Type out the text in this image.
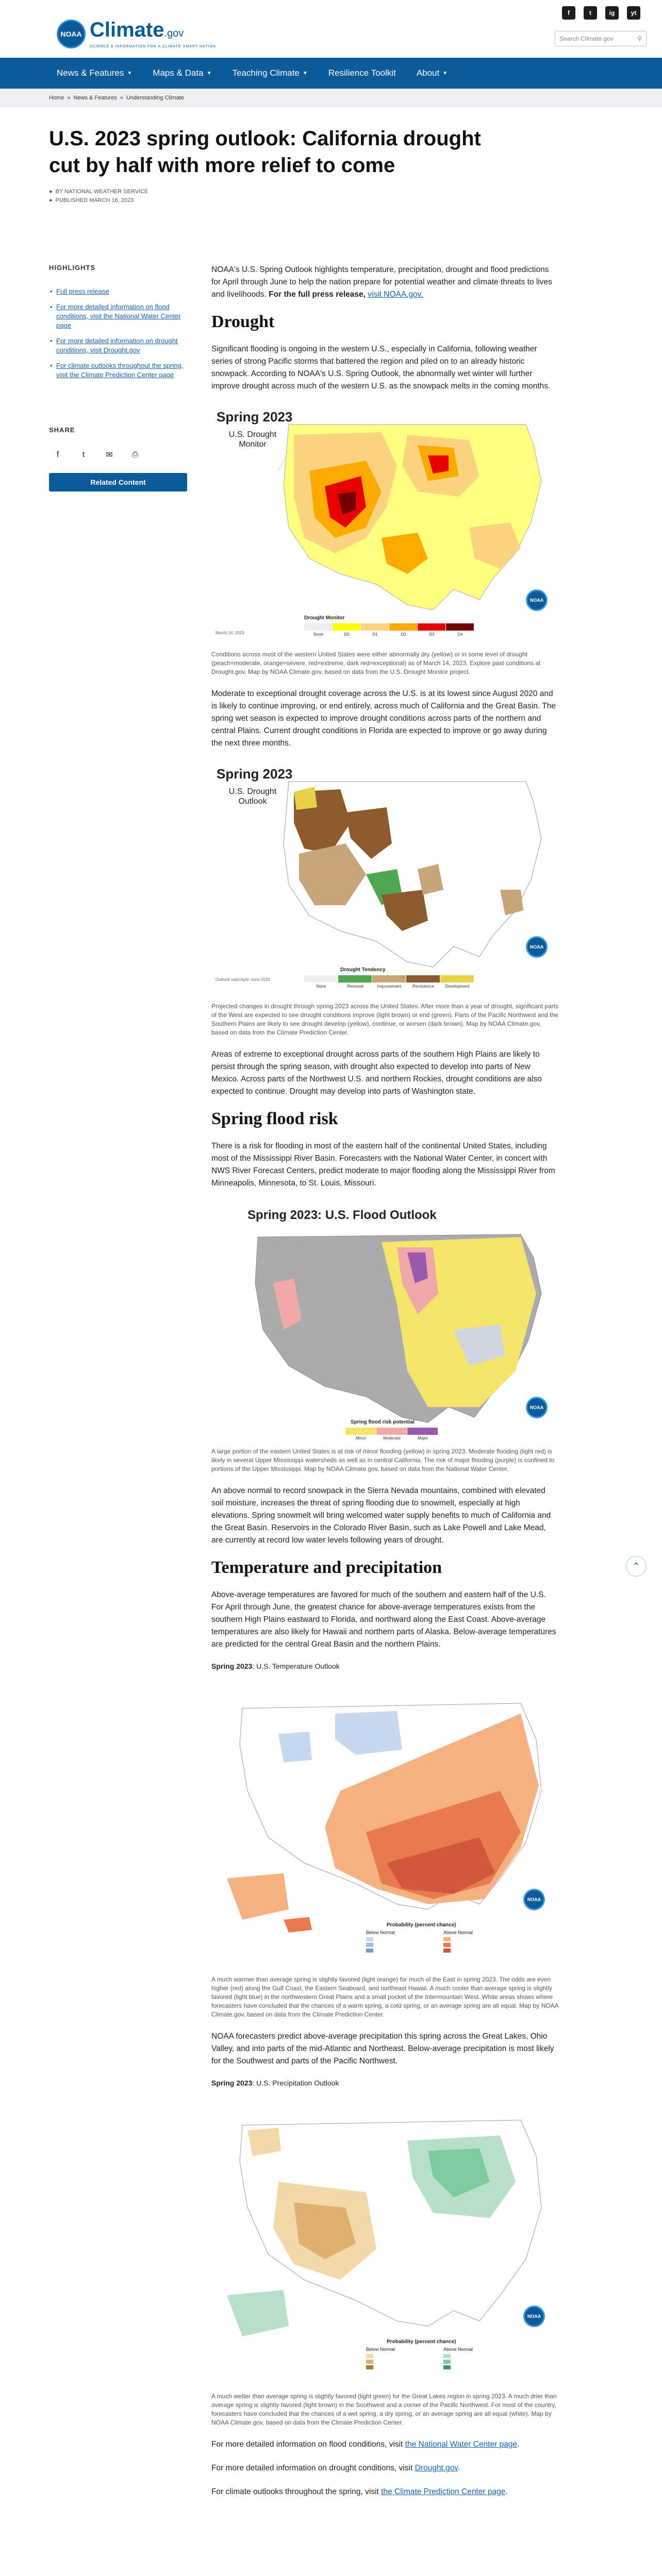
NOAA Climate.gov
SCIENCE & INFORMATION FOR A CLIMATE-SMART NATION
f	t	ig	yt
Search Climate.gov	⚲
News & Features ▼ Maps & Data ▼ Teaching Climate ▼ Resilience Toolkit About ▼
Home » News & Features » Understanding Climate
U.S. 2023 spring outlook: California drought cut by half with more relief to come
● BY NATIONAL WEATHER SERVICE
● PUBLISHED MARCH 16, 2023
HIGHLIGHTS
• Full press release
• For more detailed information on flood conditions, visit the National Water Center page
• For more detailed information on drought conditions, visit Drought.gov
• For climate outlooks throughout the spring, visit the Climate Prediction Center page
SHARE
f	t	✉ ⎙
Related Content

NOAA's U.S. Spring Outlook highlights temperature, precipitation, drought and flood predictions for April through June to help the nation prepare for potential weather and climate threats to lives and livelihoods. For the full press release, visit NOAA.gov.

Drought

Significant flooding is ongoing in the western U.S., especially in California, following weather series of strong Pacific storms that battered the region and piled on to an already historic snowpack. According to NOAA's U.S. Spring Outlook, the abnormally wet winter will further improve drought across much of the western U.S. as the snowpack melts in the coming months.

Spring 2023
U.S. Drought Monitor
NOAA
Drought Monitor
None	D0	D1	D2	D3	D4
March 14, 2023

Conditions across most of the western United States were either abnormally dry (yellow) or in some level of drought (peach=moderate, orange=severe, red=extreme, dark red=exceptional) as of March 14, 2023. Explore past conditions at Drought.gov. Map by NOAA Climate.gov, based on data from the U.S. Drought Monitor project.

Moderate to exceptional drought coverage across the U.S. is at its lowest since August 2020 and is likely to continue improving, or end entirely, across much of California and the Great Basin. The spring wet season is expected to improve drought conditions across parts of the northern and central Plains. Current drought conditions in Florida are expected to improve or go away during the next three months.

Spring 2023
U.S. Drought Outlook
NOAA
Drought Tendency
None	Removal	Improvement	Persistence	Development
Outlook valid April–June 2023

Projected changes in drought through spring 2023 across the United States. After more than a year of drought, significant parts of the West are expected to see drought conditions improve (light brown) or end (green). Parts of the Pacific Northwest and the Southern Plains are likely to see drought develop (yellow), continue, or worsen (dark brown). Map by NOAA Climate.gov, based on data from the Climate Prediction Center.

Areas of extreme to exceptional drought across parts of the southern High Plains are likely to persist through the spring season, with drought also expected to develop into parts of New Mexico. Across parts of the Northwest U.S. and northern Rockies, drought conditions are also expected to continue. Drought may develop into parts of Washington state.

Spring flood risk

There is a risk for flooding in most of the eastern half of the continental United States, including most of the Mississippi River Basin. Forecasters with the National Water Center, in concert with NWS River Forecast Centers, predict moderate to major flooding along the Mississippi River from Minneapolis, Minnesota, to St. Louis, Missouri.

Spring 2023: U.S. Flood Outlook
NOAA
Spring flood risk potential
Minor	Moderate	Major

A large portion of the eastern United States is at risk of minor flooding (yellow) in spring 2023. Moderate flooding (light red) is likely in several Upper Mississippi watersheds as well as in central California. The risk of major flooding (purple) is confined to portions of the Upper Mississippi. Map by NOAA Climate.gov, based on data from the National Water Center.

An above normal to record snowpack in the Sierra Nevada mountains, combined with elevated soil moisture, increases the threat of spring flooding due to snowmelt, especially at high elevations. Spring snowmelt will bring welcomed water supply benefits to much of California and the Great Basin. Reservoirs in the Colorado River Basin, such as Lake Powell and Lake Mead, are currently at record low water levels following years of drought.

Temperature and precipitation

Above-average temperatures are favored for much of the southern and eastern half of the U.S. For April through June, the greatest chance for above-average temperatures exists from the southern High Plains eastward to Florida, and northward along the East Coast. Above-average temperatures are also likely for Hawaii and northern parts of Alaska. Below-average temperatures are predicted for the central Great Basin and the northern Plains.

Spring 2023: U.S. Temperature Outlook
NOAA
Probability (percent chance)
Below Normal	Above Normal

A much warmer than average spring is slightly favored (light orange) for much of the East in spring 2023. The odds are even higher (red) along the Gulf Coast, the Eastern Seaboard, and northeast Hawaii. A much cooler than average spring is slightly favored (light blue) in the northwestern Great Plains and a small pocket of the Intermountain West. White areas shows where forecasters have concluded that the chances of a warm spring, a cold spring, or an average spring are all equal. Map by NOAA Climate.gov, based on data from the Climate Prediction Center.

NOAA forecasters predict above-average precipitation this spring across the Great Lakes, Ohio Valley, and into parts of the mid-Atlantic and Northeast. Below-average precipitation is most likely for the Southwest and parts of the Pacific Northwest.

Spring 2023: U.S. Precipitation Outlook
NOAA
Probability (percent chance)
Below Normal	Above Normal

A much wetter than average spring is slightly favored (light green) for the Great Lakes region in spring 2023. A much drier than average spring is slightly favored (light brown) in the Southwest and a corner of the Pacific Northwest. For most of the country, forecasters have concluded that the chances of a wet spring, a dry spring, or an average spring are all equal (white). Map by NOAA Climate.gov, based on data from the Climate Prediction Center.

For more detailed information on flood conditions, visit the National Water Center page.

For more detailed information on drought conditions, visit Drought.gov.

For climate outlooks throughout the spring, visit the Climate Prediction Center page.

⌃
